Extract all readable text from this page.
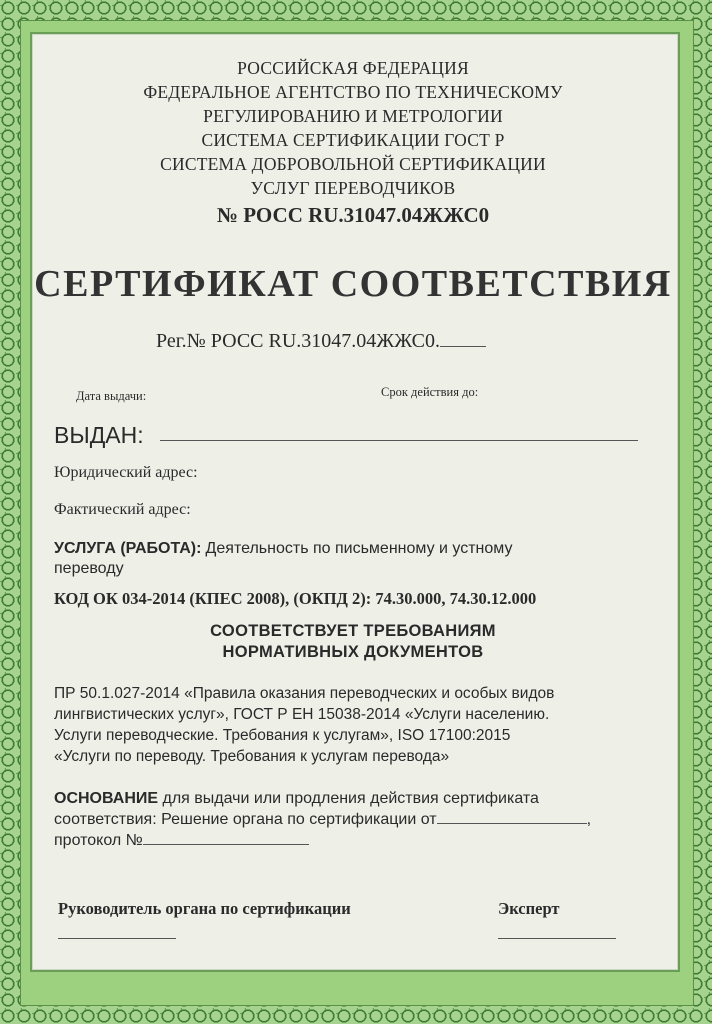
РОССИЙСКАЯ ФЕДЕРАЦИЯ
ФЕДЕРАЛЬНОЕ АГЕНТСТВО ПО ТЕХНИЧЕСКОМУ
РЕГУЛИРОВАНИЮ И МЕТРОЛОГИИ
СИСТЕМА СЕРТИФИКАЦИИ ГОСТ Р
СИСТЕМА ДОБРОВОЛЬНОЙ СЕРТИФИКАЦИИ
УСЛУГ ПЕРЕВОДЧИКОВ
№ РОСС RU.31047.04ЖЖС0
СЕРТИФИКАТ СООТВЕТСТВИЯ
Рег.№ РОСС RU.31047.04ЖЖС0.
Дата выдачи:	Срок действия до:
ВЫДАН:
Юридический адрес:
Фактический адрес:
УСЛУГА (РАБОТА): Деятельность по письменному и устному
переводу
КОД ОК 034-2014 (КПЕС 2008), (ОКПД 2): 74.30.000, 74.30.12.000
СООТВЕТСТВУЕТ ТРЕБОВАНИЯМ
НОРМАТИВНЫХ ДОКУМЕНТОВ
ПР 50.1.027-2014 «Правила оказания переводческих и особых видов
лингвистических услуг», ГОСТ Р ЕН 15038-2014 «Услуги населению.
Услуги переводческие. Требования к услугам», ISO 17100:2015
«Услуги по переводу. Требования к услугам перевода»
ОСНОВАНИЕ для выдачи или продления действия сертификата
соответствия: Решение органа по сертификации от	,
протокол №
Руководитель органа по сертификации	Эксперт
